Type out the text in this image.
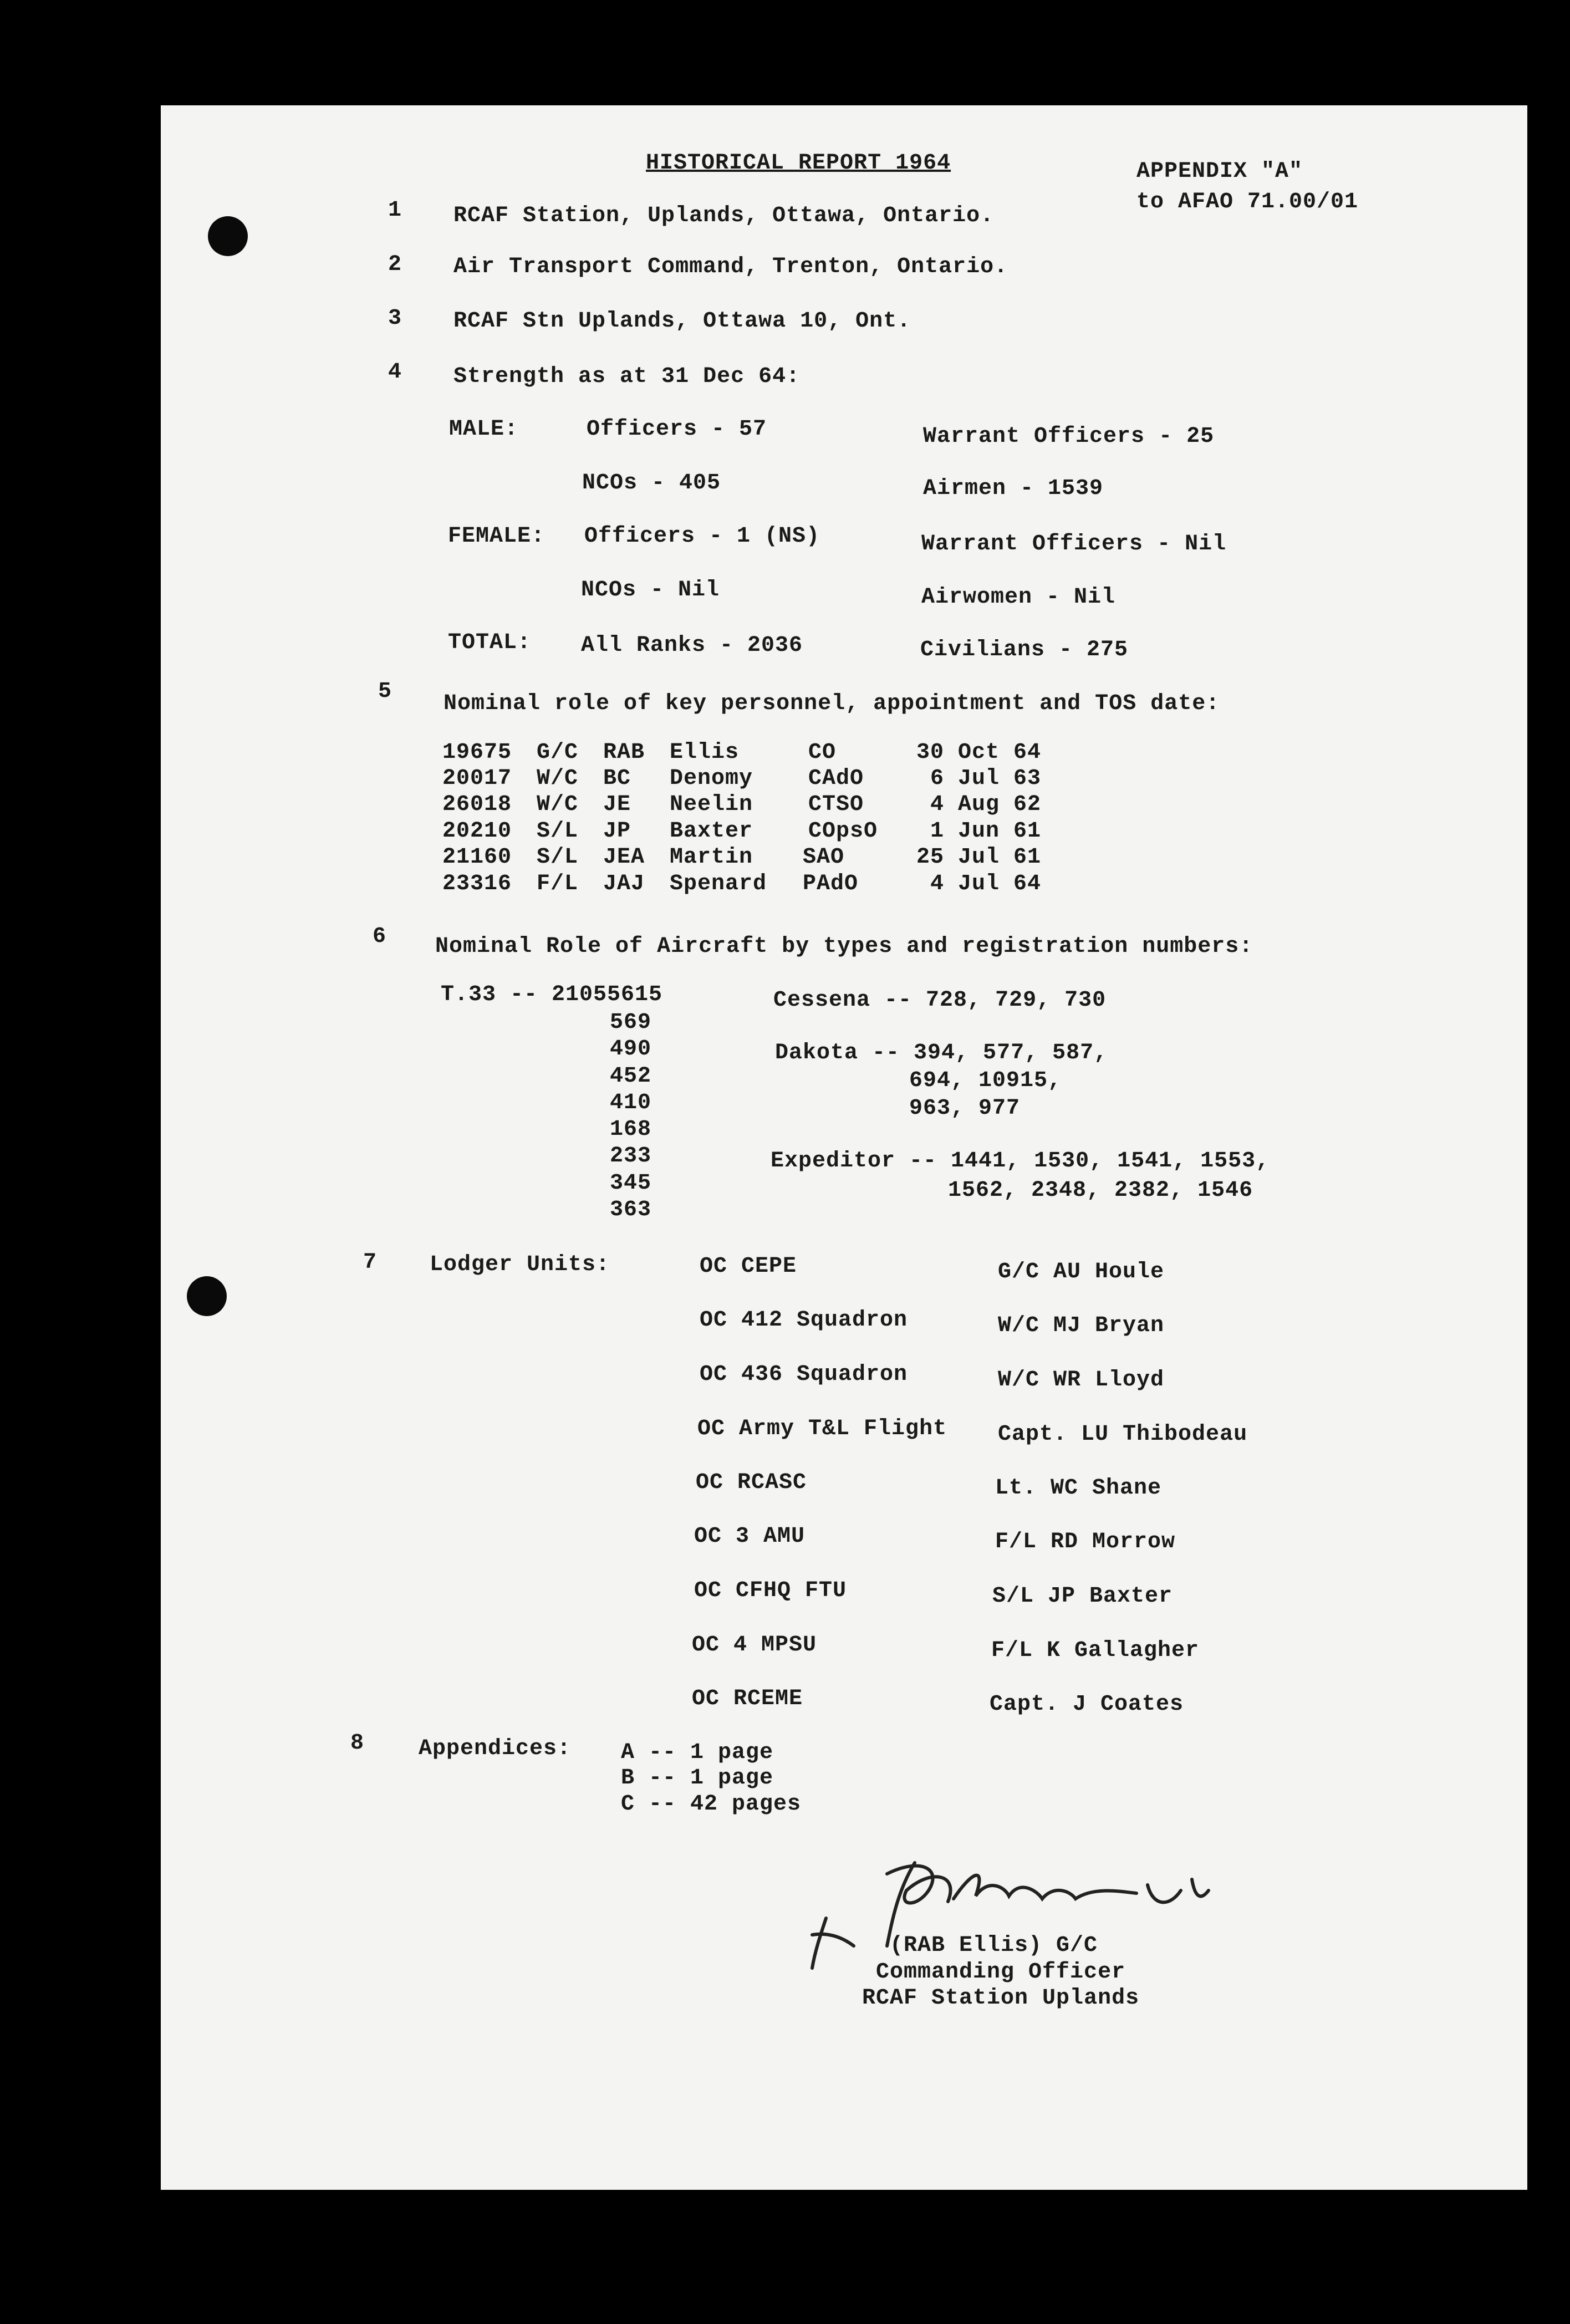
HISTORICAL REPORT 1964	APPENDIX "A"
to AFAO 71.00/01
1 RCAF Station, Uplands, Ottawa, Ontario.
2 Air Transport Command, Trenton, Ontario.
3 RCAF Stn Uplands, Ottawa 10, Ont.
4 Strength as at 31 Dec 64:
MALE:	Officers - 57	Warrant Officers - 25
NCOs - 405	Airmen - 1539
FEMALE: Officers - 1 (NS)	Warrant Officers - Nil
NCOs - Nil	Airwomen - Nil
TOTAL: All Ranks - 2036	Civilians - 275
5 Nominal role of key personnel, appointment and TOS date:
19675 G/C RAB Ellis	CO	30 Oct 64
20017 W/C BC Denomy CAdO	6 Jul 63
26018 W/C JE Neelin CTSO	4 Aug 62
20210 S/L JP Baxter COpsO 1 Jun 61
21160 S/L JEA Martin SAO	25 Jul 61
23316 F/L JAJ Spenard PAdO	4 Jul 64
6 Nominal Role of Aircraft by types and registration numbers:
T.33 -- 21055615
569
490
452
410
168
233
345
363
Cessena -- 728, 729, 730
Dakota -- 394, 577, 587,
694, 10915,
963, 977
Expeditor -- 1441, 1530, 1541, 1553,
1562, 2348, 2382, 1546
7 Lodger Units:	OC CEPE	G/C AU Houle
OC 412 Squadron	W/C MJ Bryan
OC 436 Squadron	W/C WR Lloyd
OC Army T&L Flight Capt. LU Thibodeau
OC RCASC	Lt. WC Shane
OC 3 AMU	F/L RD Morrow
OC CFHQ FTU	S/L JP Baxter
OC 4 MPSU	F/L K Gallagher
OC RCEME	Capt. J Coates
8 Appendices: A -- 1 page
B -- 1 page
C -- 42 pages
(RAB Ellis) G/C
Commanding Officer
RCAF Station Uplands
